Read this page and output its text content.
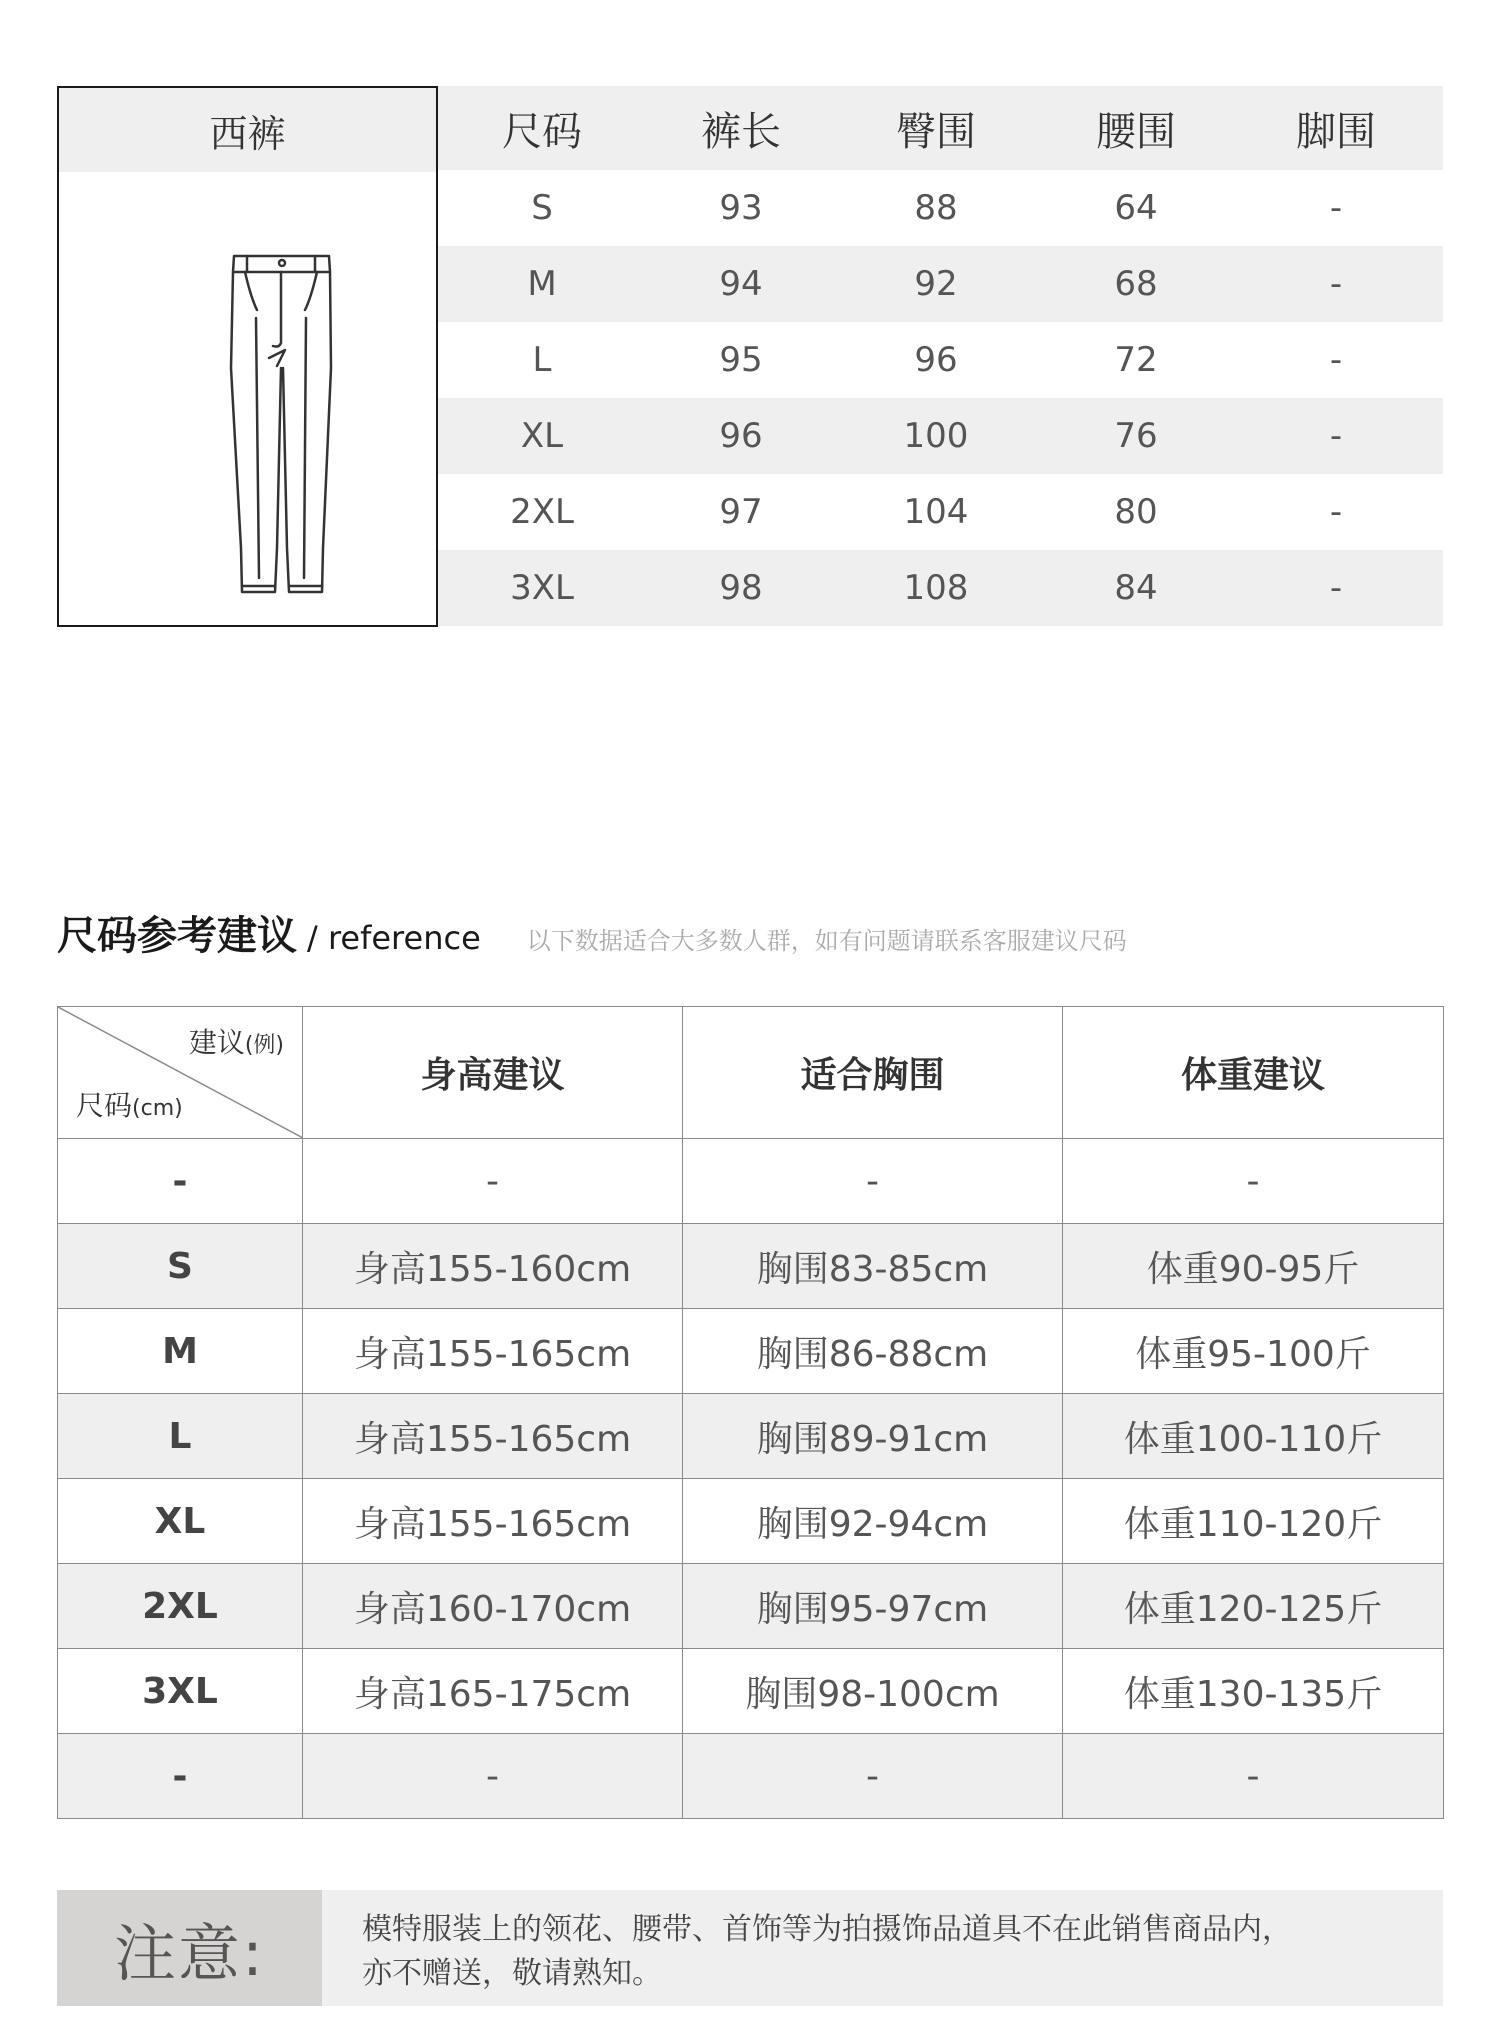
西裤	尺码	裤长	臀围	腰围	脚围
S	93	88	64	-
M	94	92	68	-
L	95	96	72	-
XL	96	100	76	-
2XL	97	104	80	-
3XL	98	108	84	-
尺码参考建议 / reference 以下数据适合大多数人群，如有问题请联系客服建议尺码
建议(例)
尺码(cm)	身高建议	适合胸围	体重建议
-	-	-	-
S	身高155-160cm	胸围83-85cm	体重90-95斤
M	身高155-165cm	胸围86-88cm	体重95-100斤
L	身高155-165cm	胸围89-91cm	体重100-110斤
XL	身高155-165cm	胸围92-94cm	体重110-120斤
2XL	身高160-170cm	胸围95-97cm	体重120-125斤
3XL	身高165-175cm	胸围98-100cm	体重130-135斤
-	-	-	-
注意:	模特服装上的领花、腰带、首饰等为拍摄饰品道具不在此销售商品内，
亦不赠送，敬请熟知。
